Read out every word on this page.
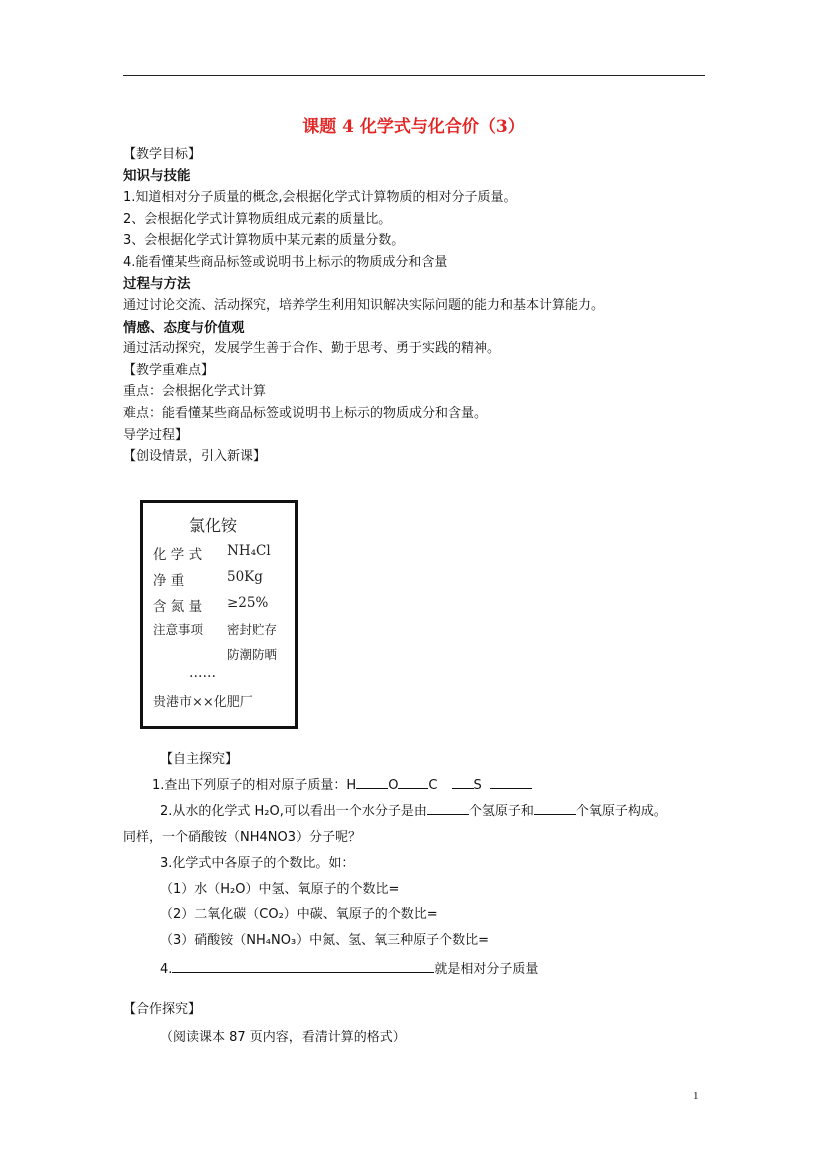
课题 4 化学式与化合价（3）
【教学目标】
知识与技能
1.知道相对分子质量的概念,会根据化学式计算物质的相对分子质量。
2、会根据化学式计算物质组成元素的质量比。
3、会根据化学式计算物质中某元素的质量分数。
4.能看懂某些商品标签或说明书上标示的物质成分和含量
过程与方法
通过讨论交流、活动探究，培养学生利用知识解决实际问题的能力和基本计算能力。
情感、态度与价值观
通过活动探究，发展学生善于合作、勤于思考、勇于实践的精神。
【教学重难点】
重点：会根据化学式计算
难点：能看懂某些商品标签或说明书上标示的物质成分和含量。
导学过程】
【创设情景，引入新课】
氯化铵
化 学 式 NH₄Cl
净 重	50Kg
含 氮 量 ≥25%
注意事项 密封贮存
防潮防晒
……
贵港市××化肥厂
【自主探究】
1.查出下列原子的相对原子质量：H O C	S
2.从水的化学式 H₂O,可以看出一个水分子是由	个氢原子和	个氧原子构成。
同样，一个硝酸铵（NH4NO3）分子呢？
3.化学式中各原子的个数比。如：
（1）水（H₂O）中氢、氧原子的个数比=
（2）二氧化碳（CO₂）中碳、氧原子的个数比=
（3）硝酸铵（NH₄NO₃）中氮、氢、氧三种原子个数比=
4.	就是相对分子质量
【合作探究】
（阅读课本 87 页内容，看清计算的格式）
1
